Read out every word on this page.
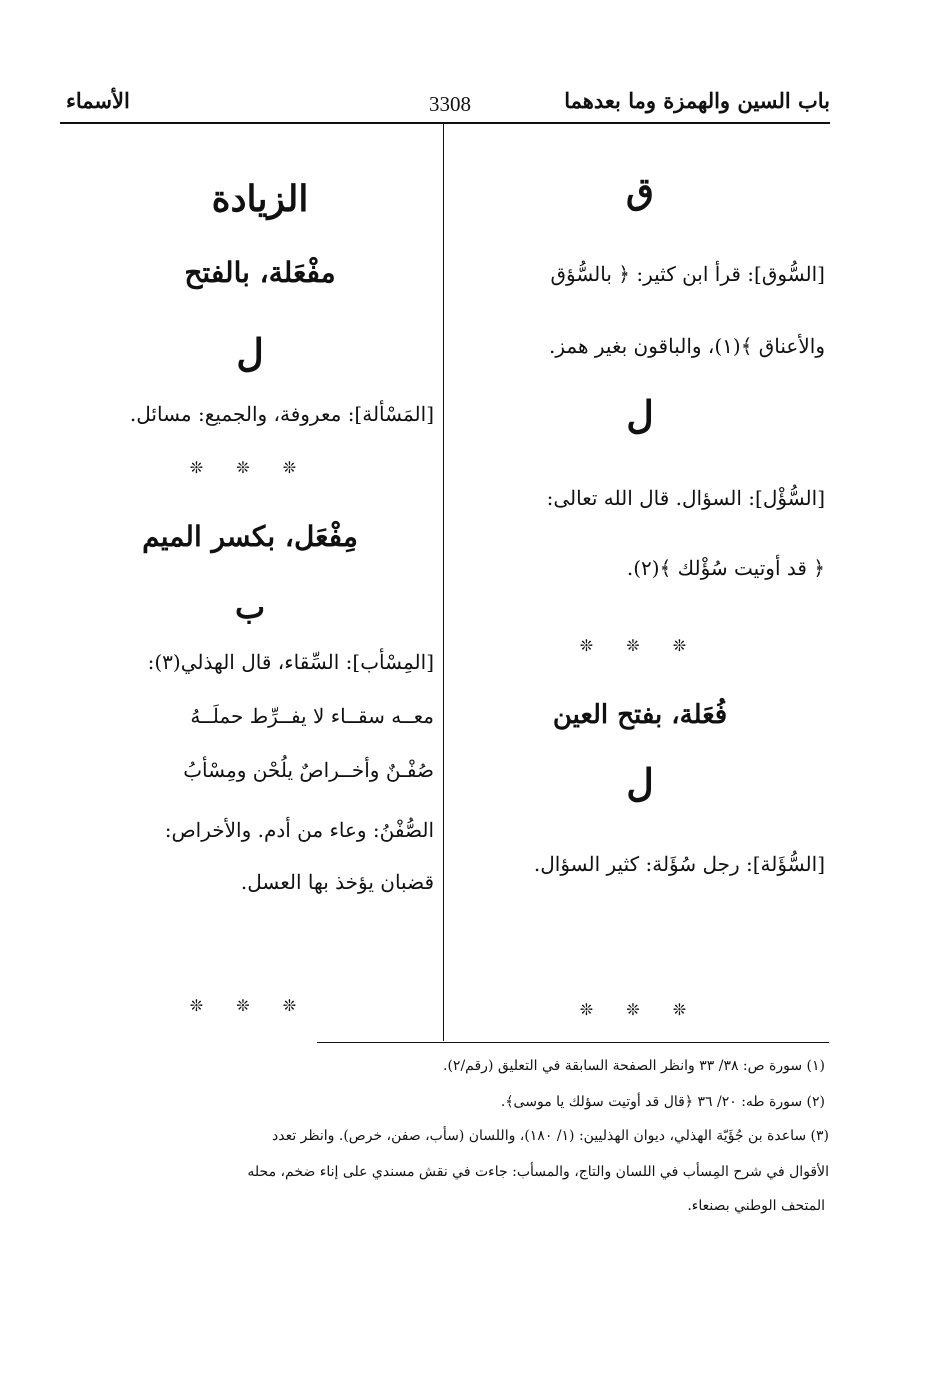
باب السين والهمزة وما بعدهما
3308
الأسماء
ق
[السُّوق]: قرأ ابن كثير: ﴿ بالسُّؤق
والأعناق ﴾(١)، والباقون بغير همز.
ل
[السُّؤْل]: السؤال. قال الله تعالى:
﴿ قد أوتيت سُؤْلك ﴾(٢).
❊ ❊ ❊
فُعَلة، بفتح العين
ل
[السُّؤَلة]: رجل سُؤَلة: كثير السؤال.
❊ ❊ ❊
الزيادة
مفْعَلة، بالفتح
ل
[المَسْألة]: معروفة، والجميع: مسائل.
❊ ❊ ❊
مِفْعَل، بكسر الميم
ب
[المِسْأب]: السِّقاء، قال الهذلي(٣):
معــه سقــاء لا يفــرِّط حملَــهُ
صُفْـنٌ وأخــراصٌ يلُحْن ومِسْأبُ
الصُّفْنُ: وعاء من أدم. والأخراص:
قضبان يؤخذ بها العسل.
❊ ❊ ❊
(١) سورة ص: ٣٨/ ٣٣ وانظر الصفحة السابقة في التعليق (رقم/٢).
(٢) سورة طه: ٢٠/ ٣٦ ﴿قال قد أوتيت سؤلك يا موسى﴾.
(٣) ساعدة بن جُؤَيّة الهذلي، ديوان الهذليين: (١/ ١٨٠)، واللسان (سأب، صفن، خرص). وانظر تعدد
الأقوال في شرح المِسأب في اللسان والتاج، والمسأب: جاءت في نقش مسندي على إناء ضخم، محله
المتحف الوطني بصنعاء.
